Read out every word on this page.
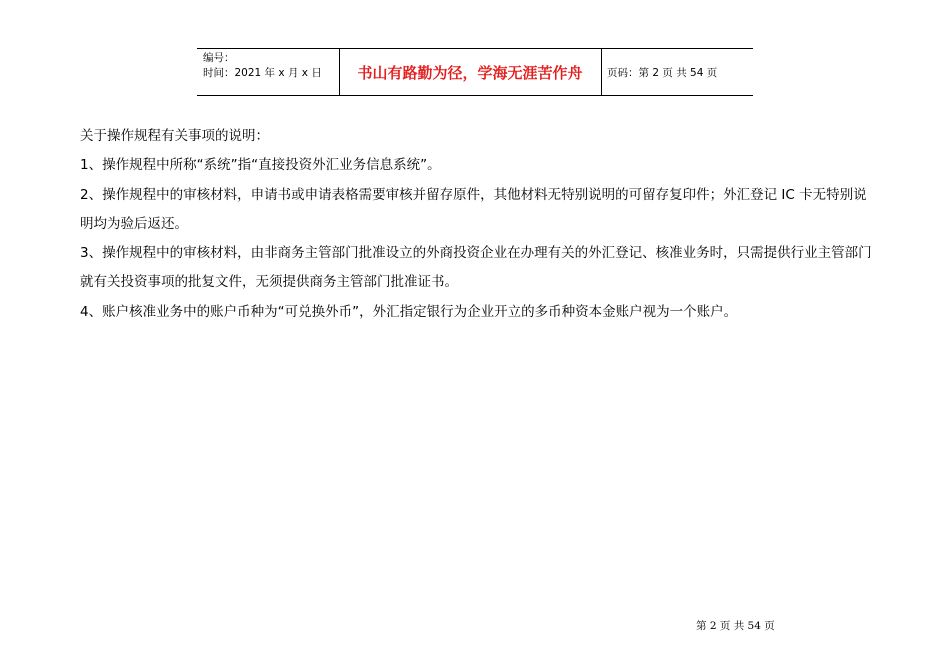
编号：
时间：2021 年 x 月 x 日	书山有路勤为径，学海无涯苦作舟	页码：第 2 页 共 54 页

关于操作规程有关事项的说明：

1、操作规程中所称“系统”指“直接投资外汇业务信息系统”。

2、操作规程中的审核材料，申请书或申请表格需要审核并留存原件，其他材料无特别说明的可留存复印件；外汇登记 IC 卡无特别说明均为验后返还。

3、操作规程中的审核材料，由非商务主管部门批准设立的外商投资企业在办理有关的外汇登记、核准业务时，只需提供行业主管部门就有关投资事项的批复文件，无须提供商务主管部门批准证书。

4、账户核准业务中的账户币种为“可兑换外币”，外汇指定银行为企业开立的多币种资本金账户视为一个账户。

第 2 页 共 54 页
